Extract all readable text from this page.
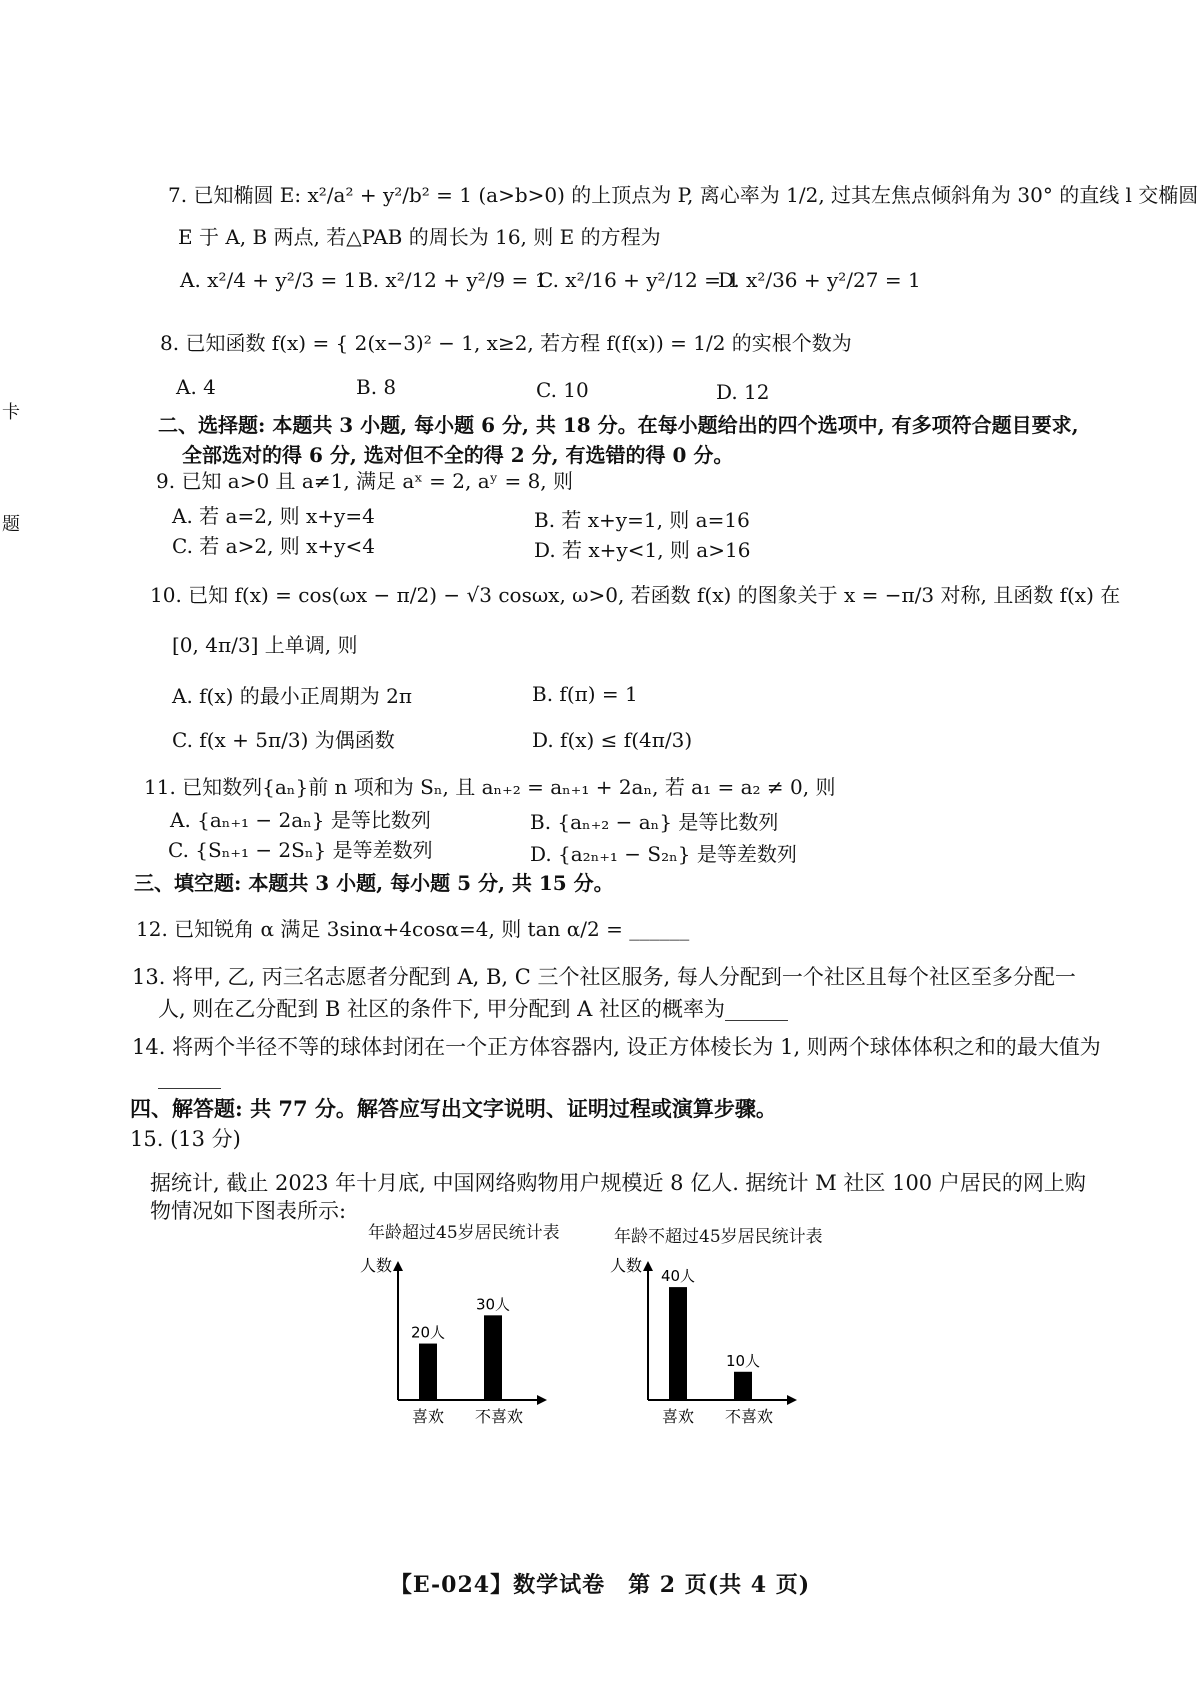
卡
题
7. 已知椭圆 E: x²/a² + y²/b² = 1 (a>b>0) 的上顶点为 P, 离心率为 1/2, 过其左焦点倾斜角为 30° 的直线 l 交椭圆
E 于 A, B 两点, 若△PAB 的周长为 16, 则 E 的方程为
A. x²/4 + y²/3 = 1 B. x²/12 + y²/9 = 1
C. x²/16 + y²/12 = 1
D. x²/36 + y²/27 = 1
8. 已知函数 f(x) = { 2(x−3)² − 1, x≥2, 若方程 f(f(x)) = 1/2 的实根个数为
A. 4	B. 8	C. 10	D. 12
二、选择题: 本题共 3 小题, 每小题 6 分, 共 18 分。在每小题给出的四个选项中, 有多项符合题目要求,
全部选对的得 6 分, 选对但不全的得 2 分, 有选错的得 0 分。
9. 已知 a>0 且 a≠1, 满足 aˣ = 2, aʸ = 8, 则
A. 若 a=2, 则 x+y=4	B. 若 x+y=1, 则 a=16
C. 若 a>2, 则 x+y<4	D. 若 x+y<1, 则 a>16
10. 已知 f(x) = cos(ωx − π/2) − √3 cosωx, ω>0, 若函数 f(x) 的图象关于 x = −π/3 对称, 且函数 f(x) 在
[0, 4π/3] 上单调, 则
A. f(x) 的最小正周期为 2π	B. f(π) = 1
C. f(x + 5π/3) 为偶函数	D. f(x) ≤ f(4π/3)
11. 已知数列{aₙ}前 n 项和为 Sₙ, 且 aₙ₊₂ = aₙ₊₁ + 2aₙ, 若 a₁ = a₂ ≠ 0, 则
A. {aₙ₊₁ − 2aₙ} 是等比数列	B. {aₙ₊₂ − aₙ} 是等比数列
C. {Sₙ₊₁ − 2Sₙ} 是等差数列	D. {a₂ₙ₊₁ − S₂ₙ} 是等差数列
三、填空题: 本题共 3 小题, 每小题 5 分, 共 15 分。
12. 已知锐角 α 满足 3sinα+4cosα=4, 则 tan α/2 = ______
13. 将甲, 乙, 丙三名志愿者分配到 A, B, C 三个社区服务, 每人分配到一个社区且每个社区至多分配一
人, 则在乙分配到 B 社区的条件下, 甲分配到 A 社区的概率为______
14. 将两个半径不等的球体封闭在一个正方体容器内, 设正方体棱长为 1, 则两个球体体积之和的最大值为
______
四、解答题: 共 77 分。解答应写出文字说明、证明过程或演算步骤。
15. (13 分)
据统计, 截止 2023 年十月底, 中国网络购物用户规模近 8 亿人. 据统计 M 社区 100 户居民的网上购
物情况如下图表所示:
年龄超过45岁居民统计表	年龄不超过45岁居民统计表
人数
20人
喜欢
30人
不喜欢
人数
40人
喜欢
10人
不喜欢
【E-024】数学试卷　第 2 页(共 4 页)
